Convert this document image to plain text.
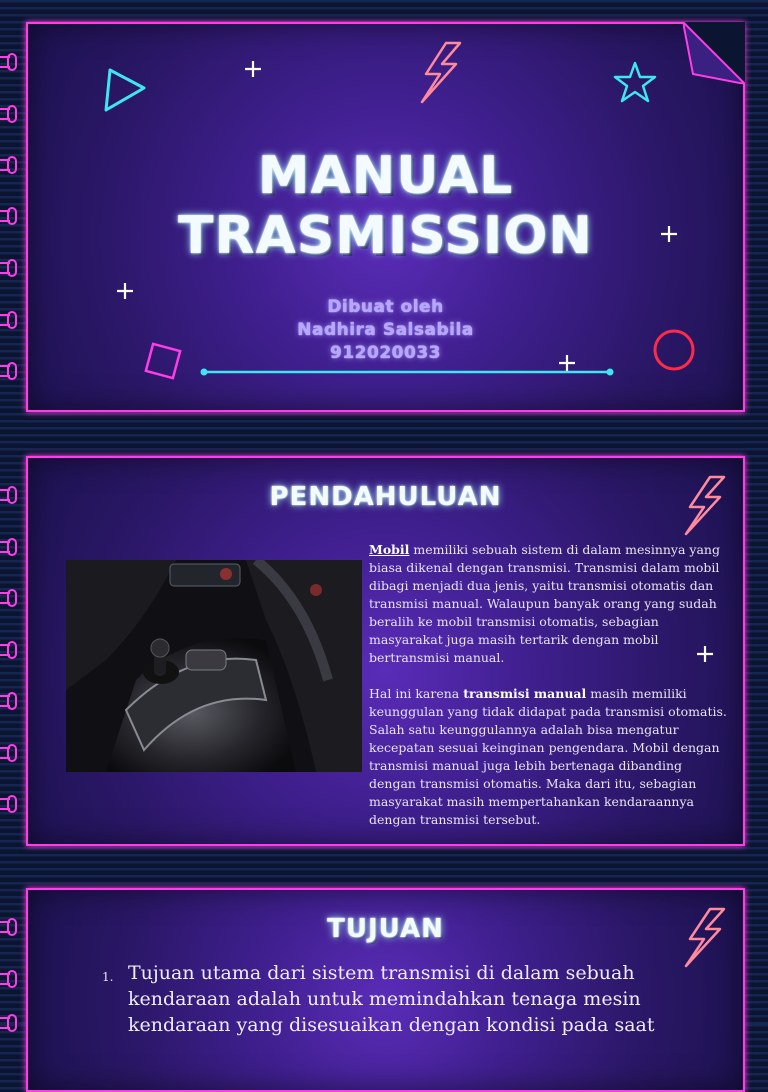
MANUAL
TRASMISSION
Dibuat oleh
Nadhira Salsabila
912020033
PENDAHULUAN
Mobil memiliki sebuah sistem di dalam mesinnya yang biasa dikenal dengan transmisi. Transmisi dalam mobil dibagi menjadi dua jenis, yaitu transmisi otomatis dan transmisi manual. Walaupun banyak orang yang sudah beralih ke mobil transmisi otomatis, sebagian masyarakat juga masih tertarik dengan mobil bertransmisi manual.
Hal ini karena transmisi manual masih memiliki keunggulan yang tidak didapat pada transmisi otomatis. Salah satu keunggulannya adalah bisa mengatur kecepatan sesuai keinginan pengendara. Mobil dengan transmisi manual juga lebih bertenaga dibanding dengan transmisi otomatis. Maka dari itu, sebagian masyarakat masih mempertahankan kendaraannya dengan transmisi tersebut.
TUJUAN
1. Tujuan utama dari sistem transmisi di dalam sebuah kendaraan adalah untuk memindahkan tenaga mesin kendaraan yang disesuaikan dengan kondisi pada saat
